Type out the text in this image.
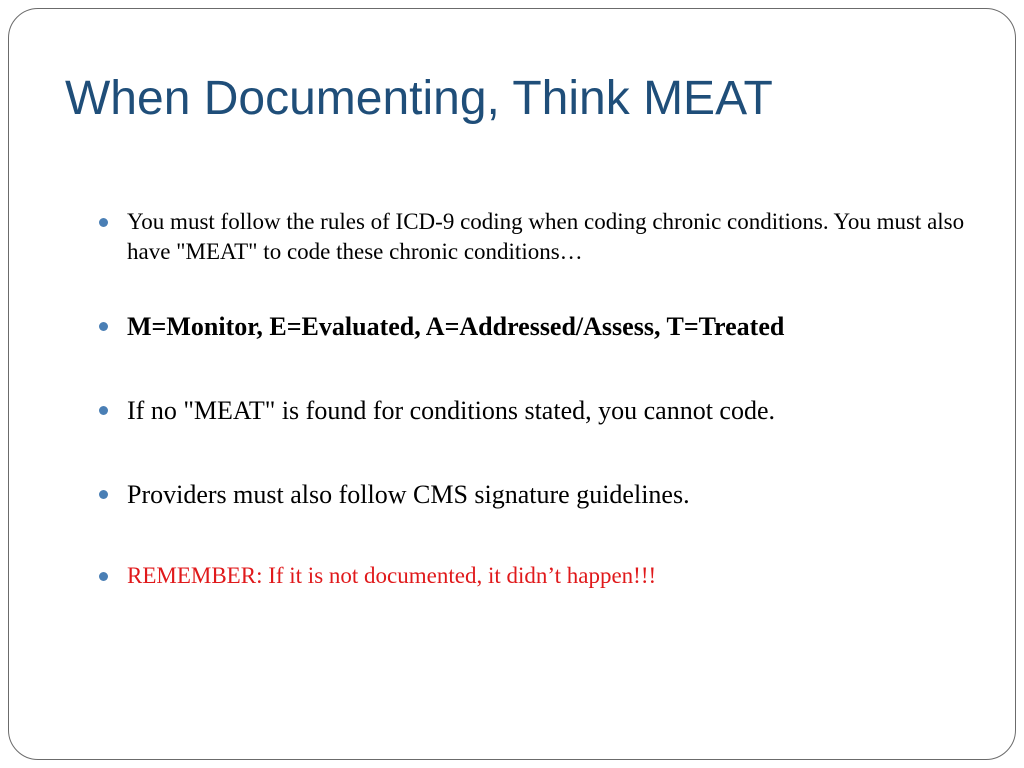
When Documenting, Think MEAT
You must follow the rules of ICD-9 coding when coding chronic conditions. You must also have "MEAT" to code these chronic conditions…
M=Monitor, E=Evaluated, A=Addressed/Assess, T=Treated
If no "MEAT" is found for conditions stated, you cannot code.
Providers must also follow CMS signature guidelines.
REMEMBER: If it is not documented, it didn’t happen!!!
